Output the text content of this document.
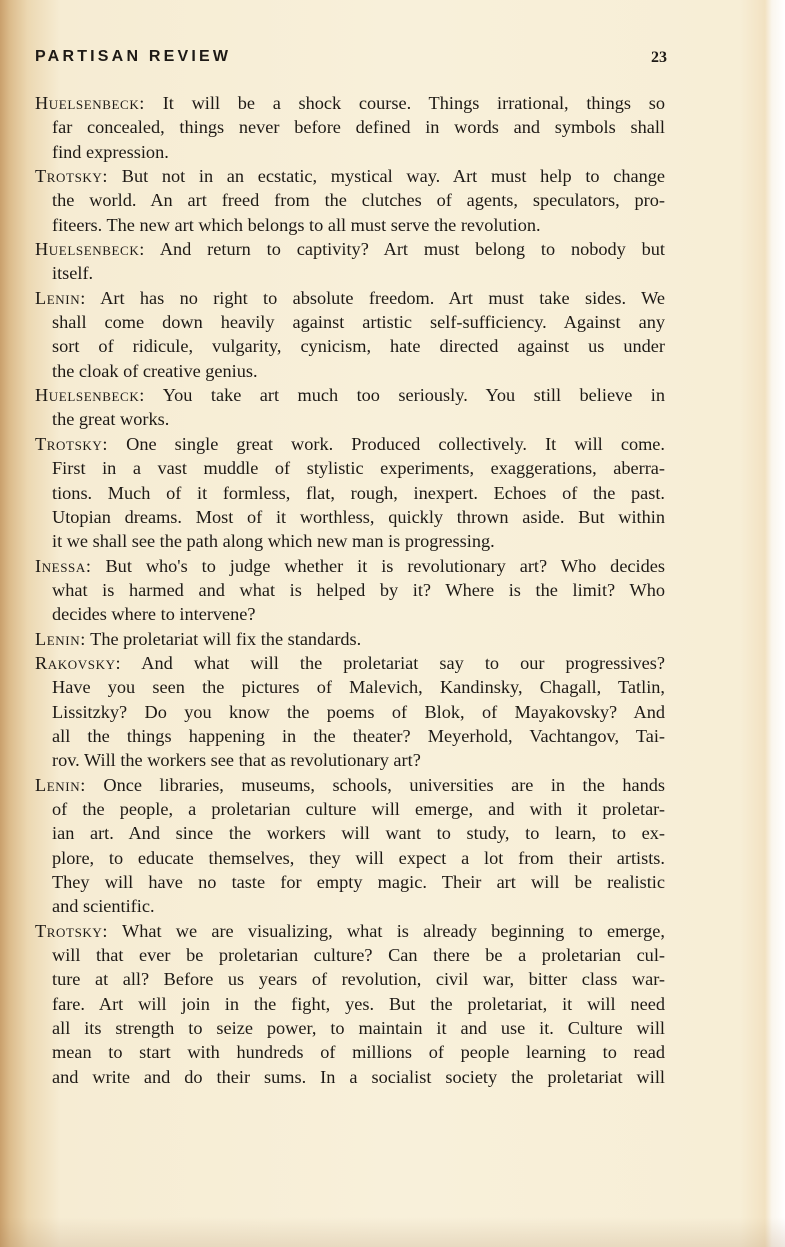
PARTISAN REVIEW	23
Huelsenbeck: It will be a shock course. Things irrational, things so
far concealed, things never before defined in words and symbols shall
find expression.
Trotsky: But not in an ecstatic, mystical way. Art must help to change
the world. An art freed from the clutches of agents, speculators, pro-
fiteers. The new art which belongs to all must serve the revolution.
Huelsenbeck: And return to captivity? Art must belong to nobody but
itself.
Lenin: Art has no right to absolute freedom. Art must take sides. We
shall come down heavily against artistic self-sufficiency. Against any
sort of ridicule, vulgarity, cynicism, hate directed against us under
the cloak of creative genius.
Huelsenbeck: You take art much too seriously. You still believe in
the great works.
Trotsky: One single great work. Produced collectively. It will come.
First in a vast muddle of stylistic experiments, exaggerations, aberra-
tions. Much of it formless, flat, rough, inexpert. Echoes of the past.
Utopian dreams. Most of it worthless, quickly thrown aside. But within
it we shall see the path along which new man is progressing.
Inessa: But who's to judge whether it is revolutionary art? Who decides
what is harmed and what is helped by it? Where is the limit? Who
decides where to intervene?
Lenin: The proletariat will fix the standards.
Rakovsky: And what will the proletariat say to our progressives?
Have you seen the pictures of Malevich, Kandinsky, Chagall, Tatlin,
Lissitzky? Do you know the poems of Blok, of Mayakovsky? And
all the things happening in the theater? Meyerhold, Vachtangov, Tai-
rov. Will the workers see that as revolutionary art?
Lenin: Once libraries, museums, schools, universities are in the hands
of the people, a proletarian culture will emerge, and with it proletar-
ian art. And since the workers will want to study, to learn, to ex-
plore, to educate themselves, they will expect a lot from their artists.
They will have no taste for empty magic. Their art will be realistic
and scientific.
Trotsky: What we are visualizing, what is already beginning to emerge,
will that ever be proletarian culture? Can there be a proletarian cul-
ture at all? Before us years of revolution, civil war, bitter class war-
fare. Art will join in the fight, yes. But the proletariat, it will need
all its strength to seize power, to maintain it and use it. Culture will
mean to start with hundreds of millions of people learning to read
and write and do their sums. In a socialist society the proletariat will
